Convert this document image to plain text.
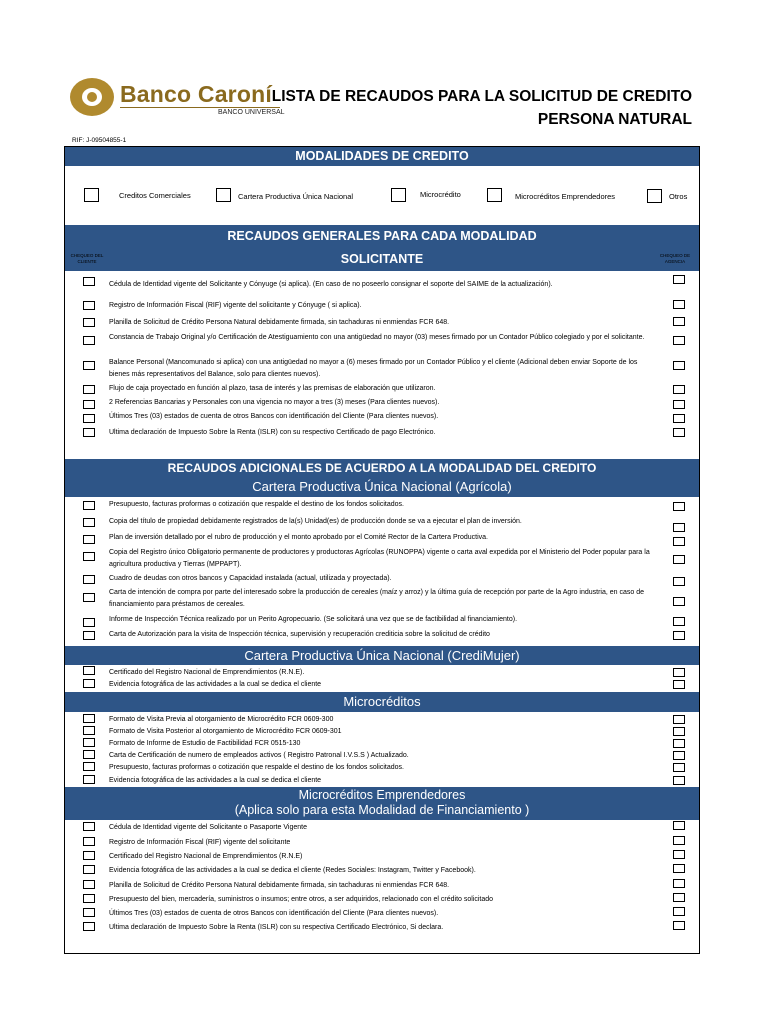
Banco Caroní
BANCO UNIVERSAL
LISTA DE RECAUDOS PARA LA SOLICITUD DE CREDITO
PERSONA NATURAL
RIF: J-09504855-1
MODALIDADES DE CREDITO
Creditos Comerciales	Cartera Productiva Única Nacional	Microcrédito	Microcréditos Emprendedores	Otros
RECAUDOS GENERALES PARA CADA MODALIDAD
SOLICITANTE
CHEQUEO DEL CLIENTE
CHEQUEO DE AGENCIA
Cédula de Identidad vigente del Solicitante y Cónyuge (si aplica). (En caso de no poseerlo consignar el soporte del SAIME de la actualización).
Registro de Información Fiscal (RIF) vigente del solicitante y Cónyuge ( si aplica).
Planilla de Solicitud de Crédito Persona Natural debidamente firmada, sin tachaduras ni enmiendas FCR 648.
Constancia de Trabajo Original y/o Certificación de Atestiguamiento con una antigüedad no mayor (03) meses firmado por un Contador Público colegiado y por el solicitante.
Balance Personal (Mancomunado si aplica) con una antigüedad no mayor a (6) meses firmado por un Contador Público y el cliente (Adicional deben enviar Soporte de los bienes más representativos del Balance, solo para clientes nuevos).
Flujo de caja proyectado en función al plazo, tasa de interés y las premisas de elaboración que utilizaron.
2 Referencias Bancarias y Personales con una vigencia no mayor a tres (3) meses (Para clientes nuevos).
Últimos Tres (03) estados de cuenta de otros Bancos con identificación del Cliente (Para clientes nuevos).
Ultima declaración de Impuesto Sobre la Renta (ISLR) con su respectivo Certificado de pago Electrónico.
RECAUDOS ADICIONALES DE ACUERDO A LA MODALIDAD DEL CREDITO
Cartera Productiva Única Nacional (Agrícola)
Presupuesto, facturas proformas o cotización que respalde el destino de los fondos solicitados.
Copia del título de propiedad debidamente registrados de la(s) Unidad(es) de producción donde se va a ejecutar el plan de inversión.
Plan de inversión detallado por el rubro de producción y el monto aprobado por el Comité Rector de la Cartera Productiva.
Copia del Registro único Obligatorio permanente de productores y productoras Agrícolas (RUNOPPA) vigente o carta aval expedida por el Ministerio del Poder popular para la agricultura productiva y Tierras (MPPAPT).
Cuadro de deudas con otros bancos y Capacidad instalada (actual, utilizada y proyectada).
Carta de intención de compra por parte del interesado sobre la producción de cereales (maíz y arroz) y la última guía de recepción por parte de la Agro industria, en caso de financiamiento para préstamos de cereales.
Informe de Inspección Técnica realizado por un Perito Agropecuario. (Se solicitará una vez que se de factibilidad al financiamiento).
Carta de Autorización para la visita de Inspección técnica, supervisión y recuperación crediticia sobre la solicitud de crédito
Cartera Productiva Única Nacional (CrediMujer)
Certificado del Registro Nacional de Emprendimientos (R.N.E).
Evidencia fotográfica de las actividades a la cual se dedica el cliente
Microcréditos
Formato de Visita Previa al otorgamiento de Microcrédito FCR 0609-300
Formato de Visita Posterior al otorgamiento de Microcrédito FCR 0609-301
Formato de Informe de Estudio de Factibilidad FCR 0515-130
Carta de Certificación de numero de empleados activos ( Registro Patronal I.V.S.S ) Actualizado.
Presupuesto, facturas proformas o cotización que respalde el destino de los fondos solicitados.
Evidencia fotográfica de las actividades a la cual se dedica el cliente
Microcréditos Emprendedores
(Aplica solo para esta Modalidad de Financiamiento )
Cédula de Identidad vigente del Solicitante o Pasaporte Vigente
Registro de Información Fiscal (RIF) vigente del solicitante
Certificado del Registro Nacional de Emprendimientos (R.N.E)
Evidencia fotográfica de las actividades a la cual se dedica el cliente (Redes Sociales: Instagram, Twitter y Facebook).
Planilla de Solicitud de Crédito Persona Natural debidamente firmada, sin tachaduras ni enmiendas FCR 648.
Presupuesto del bien, mercadería, suministros o insumos; entre otros, a ser adquiridos, relacionado con el crédito solicitado
Últimos Tres (03) estados de cuenta de otros Bancos con identificación del Cliente (Para clientes nuevos).
Ultima declaración de Impuesto Sobre la Renta (ISLR) con su respectiva Certificado Electrónico, Si declara.
